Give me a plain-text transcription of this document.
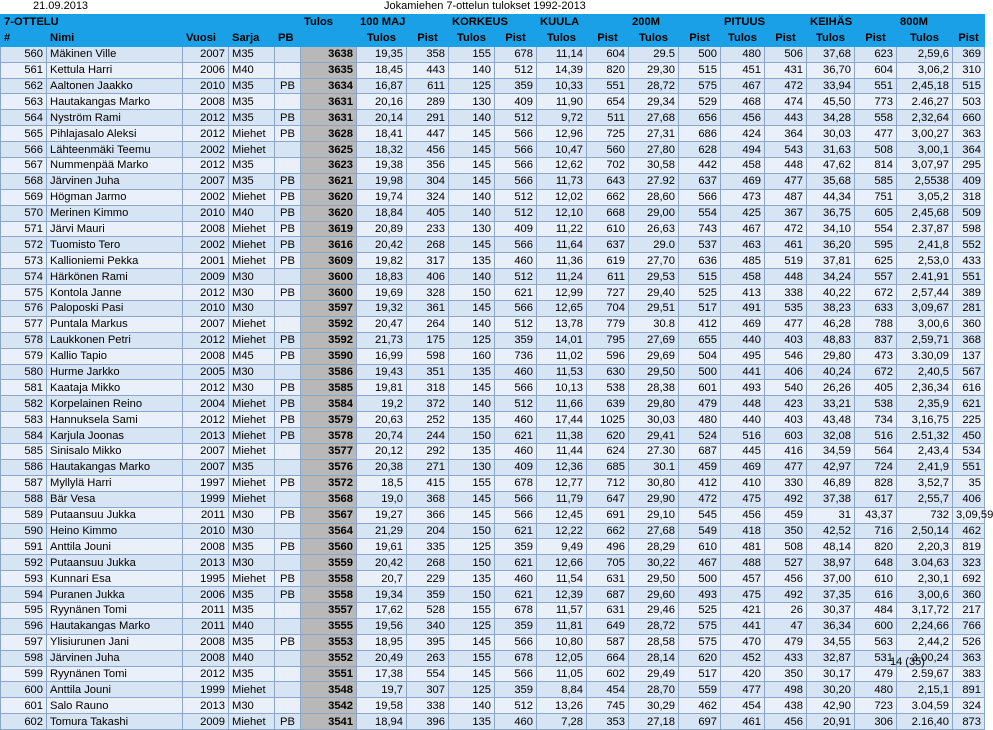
21.09.2013	Jokamiehen 7-ottelun tulokset 1992-2013
7-OTTELU					Tulos	100 MAJ		KORKEUS		KUULA		200M		PITUUS		KEIHÄS		800M		
#	Nimi	Vuosi	Sarja	PB		Tulos	Pist	Tulos	Pist	Tulos	Pist	Tulos	Pist	Tulos	Pist	Tulos	Pist	Tulos	Pist	
560	Mäkinen Ville	2007	M35		3638	19,35	358	155	678	11,14	604	29.5	500	480	506	37,68	623	2,59,6	369	
561	Kettula Harri	2006	M40		3635	18,45	443	140	512	14,39	820	29,30	515	451	431	36,70	604	3,06,2	310	
562	Aaltonen Jaakko	2010	M35	PB	3634	16,87	611	125	359	10,33	551	28,72	575	467	472	33,94	551	2,45,18	515	
563	Hautakangas Marko	2008	M35		3631	20,16	289	130	409	11,90	654	29,34	529	468	474	45,50	773	2.46,27	503	
564	Nyström Rami	2012	M35	PB	3631	20,14	291	140	512	9,72	511	27,68	656	456	443	34,28	558	2,32,64	660	
565	Pihlajasalo Aleksi	2012	Miehet	PB	3628	18,41	447	145	566	12,96	725	27,31	686	424	364	30,03	477	3,00,27	363	
566	Lähteenmäki Teemu	2002	Miehet		3625	18,32	456	145	566	10,47	560	27,80	628	494	543	31,63	508	3,00,1	364	
567	Nummenpää Marko	2012	M35		3623	19,38	356	145	566	12,62	702	30,58	442	458	448	47,62	814	3,07,97	295	
568	Järvinen Juha	2007	M35	PB	3621	19,98	304	145	566	11,73	643	27.92	637	469	477	35,68	585	2,5538	409	
569	Högman Jarmo	2002	Miehet	PB	3620	19,74	324	140	512	12,02	662	28,60	566	473	487	44,34	751	3,05,2	318	
570	Merinen Kimmo	2010	M40	PB	3620	18,84	405	140	512	12,10	668	29,00	554	425	367	36,75	605	2,45,68	509	
571	Järvi Mauri	2008	Miehet	PB	3619	20,89	233	130	409	11,22	610	26,63	743	467	472	34,10	554	2.37,87	598	
572	Tuomisto Tero	2002	Miehet	PB	3616	20,42	268	145	566	11,64	637	29.0	537	463	461	36,20	595	2,41,8	552	
573	Kallioniemi Pekka	2001	Miehet	PB	3609	19,82	317	135	460	11,36	619	27,70	636	485	519	37,81	625	2,53,0	433	
574	Härkönen Rami	2009	M30		3600	18,83	406	140	512	11,24	611	29,53	515	458	448	34,24	557	2.41,91	551	
575	Kontola Janne	2012	M30	PB	3600	19,69	328	150	621	12,99	727	29,40	525	413	338	40,22	672	2,57,44	389	
576	Paloposki Pasi	2010	M30		3597	19,32	361	145	566	12,65	704	29,51	517	491	535	38,23	633	3,09,67	281	
577	Puntala Markus	2007	Miehet		3592	20,47	264	140	512	13,78	779	30.8	412	469	477	46,28	788	3,00,6	360	
578	Laukkonen Petri	2012	Miehet	PB	3592	21,73	175	125	359	14,01	795	27,69	655	440	403	48,83	837	2,59,71	368	
579	Kallio Tapio	2008	M45	PB	3590	16,99	598	160	736	11,02	596	29,69	504	495	546	29,80	473	3.30,09	137	
580	Hurme Jarkko	2005	M30		3586	19,43	351	135	460	11,53	630	29,50	500	441	406	40,24	672	2,40,5	567	
581	Kaataja Mikko	2012	M30	PB	3585	19,81	318	145	566	10,13	538	28,38	601	493	540	26,26	405	2,36,34	616	
582	Korpelainen Reino	2004	Miehet	PB	3584	19,2	372	140	512	11,66	639	29,80	479	448	423	33,21	538	2,35,9	621	
583	Hannuksela Sami	2012	Miehet	PB	3579	20,63	252	135	460	17,44	1025	30,03	480	440	403	43,48	734	3,16,75	225	
584	Karjula Joonas	2013	Miehet	PB	3578	20,74	244	150	621	11,38	620	29,41	524	516	603	32,08	516	2.51,32	450	
585	Sinisalo Mikko	2007	Miehet		3577	20,12	292	135	460	11,44	624	27.30	687	445	416	34,59	564	2,43,4	534	
586	Hautakangas Marko	2007	M35		3576	20,38	271	130	409	12,36	685	30.1	459	469	477	42,97	724	2,41,9	551	
587	Myllylä Harri	1997	Miehet	PB	3572	18,5	415	155	678	12,77	712	30,80	412	410	330	46,89	828	3,52,7	35	
588	Bär Vesa	1999	Miehet		3568	19,0	368	145	566	11,79	647	29,90	472	475	492	37,38	617	2,55,7	406	
589	Putaansuu Jukka	2011	M30	PB	3567	19,27	366	145	566	12,45	691	29,10	545	456	459	31	43,37	732	3,09,59	
590	Heino Kimmo	2010	M30		3564	21,29	204	150	621	12,22	662	27,68	549	418	350	42,52	716	2,50,14	462	
591	Anttila Jouni	2008	M35	PB	3560	19,61	335	125	359	9,49	496	28,29	610	481	508	48,14	820	2,20,3	819	
592	Putaansuu Jukka	2013	M30		3559	20,42	268	150	621	12,66	705	30,22	467	488	527	38,97	648	3.04,63	323	
593	Kunnari Esa	1995	Miehet	PB	3558	20,7	229	135	460	11,54	631	29,50	500	457	456	37,00	610	2,30,1	692	
594	Puranen Jukka	2006	M35	PB	3558	19,34	359	150	621	12,39	687	29,60	493	475	492	37,35	616	3,00,6	360	
595	Ryynänen Tomi	2011	M35		3557	17,62	528	155	678	11,57	631	29,46	525	421	26	30,37	484	3,17,72	217	
596	Hautakangas Marko	2011	M40		3555	19,56	340	125	359	11,81	649	28,72	575	441	47	36,34	600	2,24,66	766	
597	Ylisiurunen Jani	2008	M35	PB	3553	18,95	395	145	566	10,80	587	28,58	575	470	479	34,55	563	2,44,2	526	
598	Järvinen Juha	2008	M40		3552	20,49	263	155	678	12,05	664	28,14	620	452	433	32,87	531	3.00,24	363	
599	Ryynänen Tomi	2012	M35		3551	17,38	554	145	566	11,05	602	29,49	517	420	350	30,17	479	2.59,67	383	
600	Anttila Jouni	1999	Miehet		3548	19,7	307	125	359	8,84	454	28,70	559	477	498	30,20	480	2,15,1	891	
601	Salo Rauno	2013	M30		3542	19,58	338	140	512	13,26	745	30,29	462	454	438	42,90	723	3.04,59	324	
602	Tomura Takashi	2009	Miehet	PB	3541	18,94	396	135	460	7,28	353	27,18	697	461	456	20,91	306	2.16,40	873	
14 (35)
